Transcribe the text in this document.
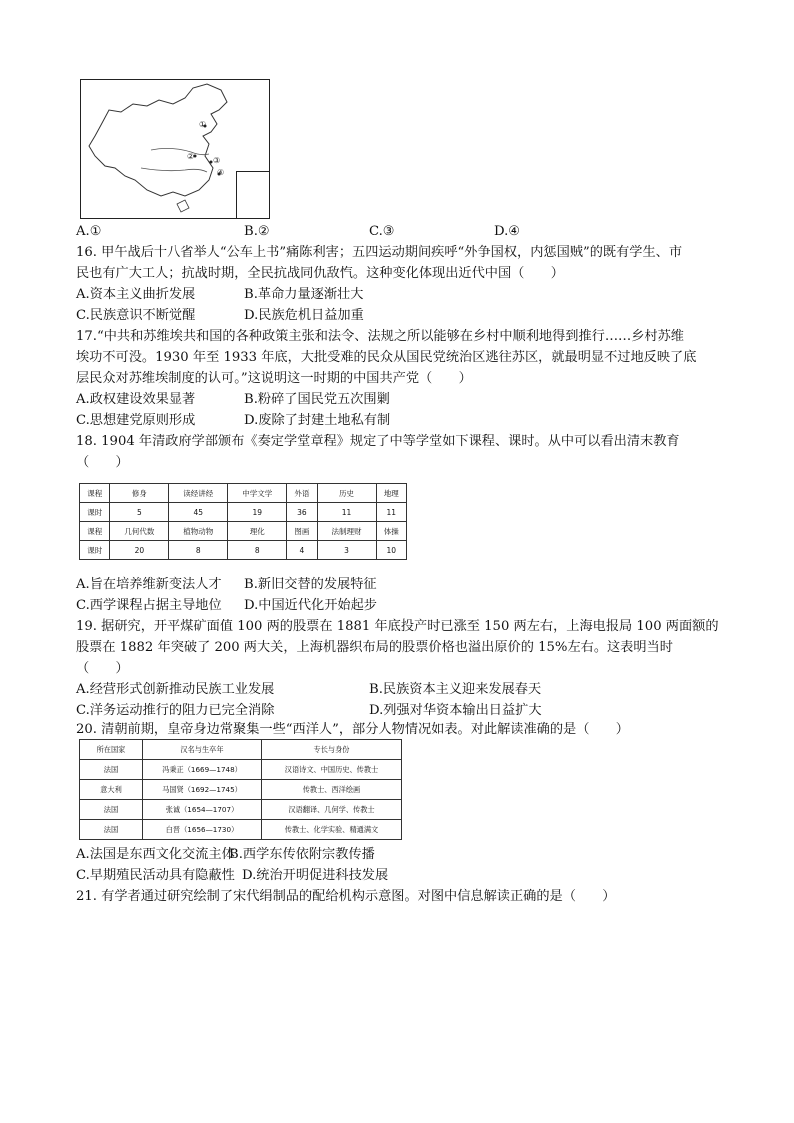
①
② ③
④
A.①	B.②	C.③	D.④
16. 甲午战后十八省举人“公车上书”痛陈利害；五四运动期间疾呼“外争国权，内惩国贼”的既有学生、市
民也有广大工人；抗战时期，全民抗战同仇敌忾。这种变化体现出近代中国（　　）
A.资本主义曲折发展	B.革命力量逐渐壮大
C.民族意识不断觉醒	D.民族危机日益加重
17.“中共和苏维埃共和国的各种政策主张和法令、法规之所以能够在乡村中顺利地得到推行……乡村苏维
埃功不可没。1930 年至 1933 年底，大批受难的民众从国民党统治区逃往苏区，就最明显不过地反映了底
层民众对苏维埃制度的认可。”这说明这一时期的中国共产党（　　）
A.政权建设效果显著	B.粉碎了国民党五次围剿
C.思想建党原则形成	D.废除了封建土地私有制
18. 1904 年清政府学部颁布《奏定学堂章程》规定了中等学堂如下课程、课时。从中可以看出清末教育
（　　）
课程	修身	读经讲经	中学文学	外语	历史	地理
课时	5	45	19	36	11	11
课程	几何代数	植物动物	理化	图画	法制理财	体操
课时	20	8	8	4	3	10
A.旨在培养维新变法人才 B.新旧交替的发展特征
C.西学课程占据主导地位 D.中国近代化开始起步
19. 据研究，开平煤矿面值 100 两的股票在 1881 年底投产时已涨至 150 两左右，上海电报局 100 两面额的
股票在 1882 年突破了 200 两大关，上海机器织布局的股票价格也溢出原价的 15%左右。这表明当时
（　　）
A.经营形式创新推动民族工业发展	B.民族资本主义迎来发展春天
C.洋务运动推行的阻力已完全消除	D.列强对华资本输出日益扩大
20. 清朝前期，皇帝身边常聚集一些“西洋人”，部分人物情况如表。对此解读准确的是（　　）
所在国家	汉名与生卒年	专长与身份
法国	冯秉正（1669—1748）	汉语诗文、中国历史、传教士
意大利	马国贤（1692—1745）	传教士、西洋绘画
法国	张诚（1654—1707）	汉语翻译、几何学、传教士
法国	白晋（1656—1730）	传教士、化学实验、精通满文
A.法国是东西文化交流主体
B.西学东传依附宗教传播
C.早期殖民活动具有隐蔽性 D.统治开明促进科技发展
21. 有学者通过研究绘制了宋代绢制品的配给机构示意图。对图中信息解读正确的是（　　）
